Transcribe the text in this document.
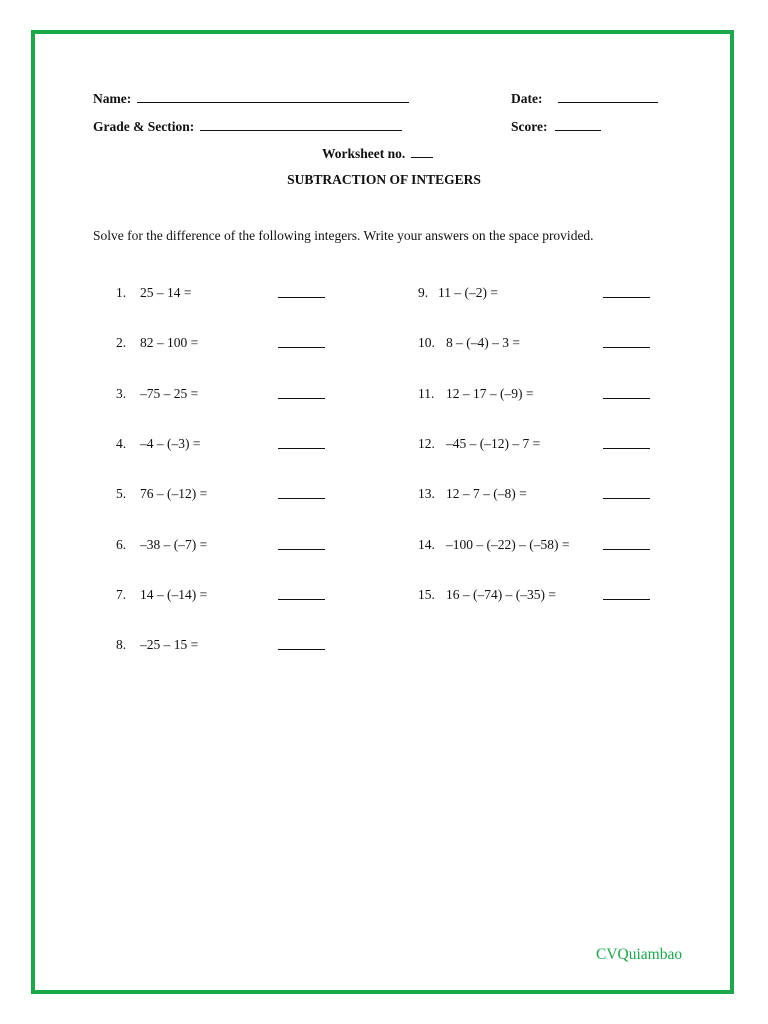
Name:	Date:
Grade & Section:	Score:
Worksheet no.
SUBTRACTION OF INTEGERS
Solve for the difference of the following integers. Write your answers on the space provided.
1. 25 – 14 =
2. 82 – 100 =
3. –75 – 25 =
4. –4 – (–3) =
5. 76 – (–12) =
6. –38 – (–7) =
7. 14 – (–14) =
8. –25 – 15 =
9. 11 – (–2) =
10. 8 – (–4) – 3 =
11. 12 – 17 – (–9) =
12. –45 – (–12) – 7 =
13. 12 – 7 – (–8) =
14. –100 – (–22) – (–58) =
15. 16 – (–74) – (–35) =
CVQuiambao
